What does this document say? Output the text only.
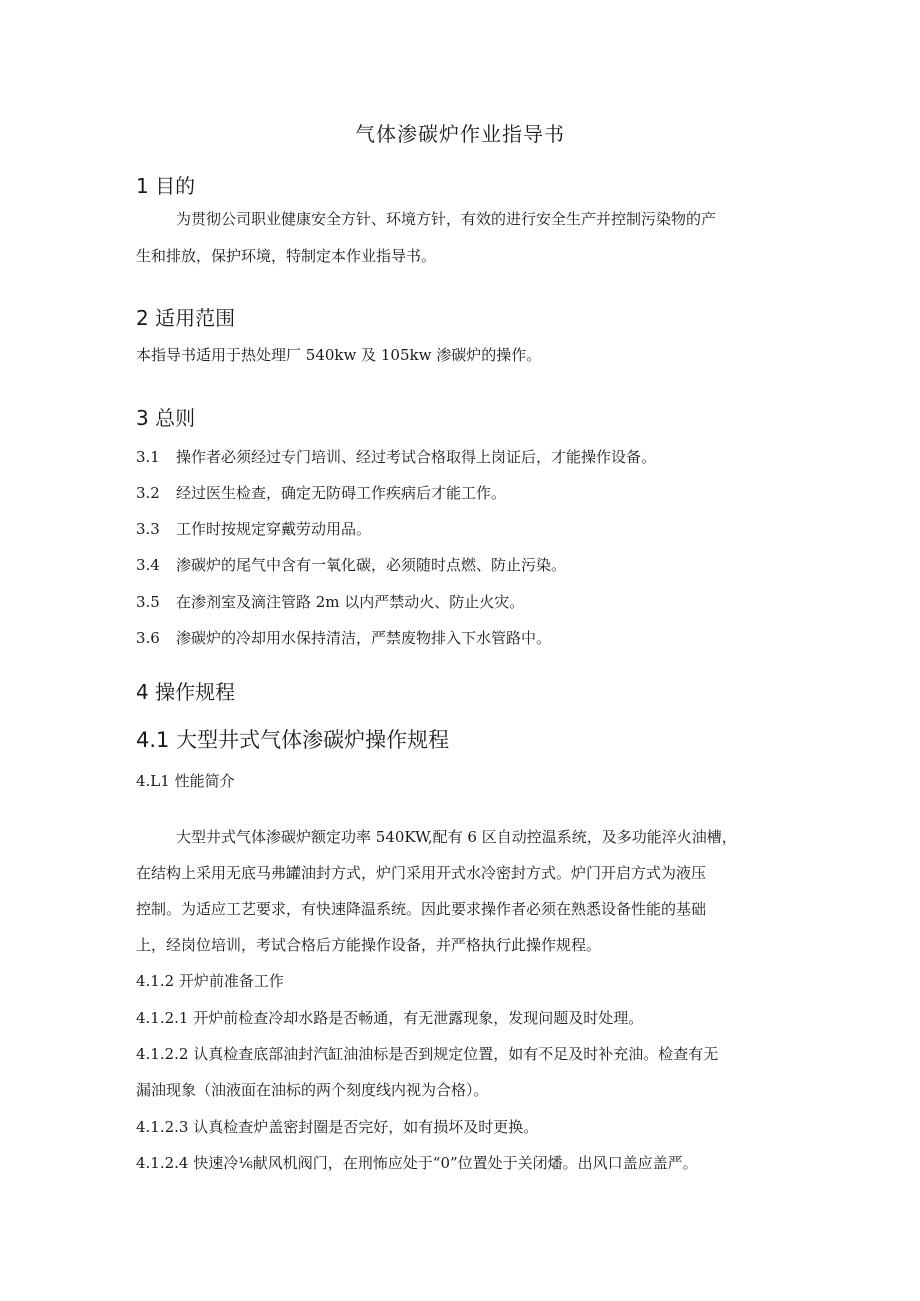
气体渗碳炉作业指导书
1 目的
为贯彻公司职业健康安全方针、环境方针，有效的进行安全生产并控制污染物的产
生和排放，保护环境，特制定本作业指导书。
2 适用范围
本指导书适用于热处理厂 540kw 及 105kw 渗碳炉的操作。
3 总则
3.1 操作者必须经过专门培训、经过考试合格取得上岗证后，才能操作设备。
3.2 经过医生检查，确定无防碍工作疾病后才能工作。
3.3 工作时按规定穿戴劳动用品。
3.4 渗碳炉的尾气中含有一氧化碳，必须随时点燃、防止污染。
3.5 在渗剂室及滴注管路 2m 以内严禁动火、防止火灾。
3.6 渗碳炉的冷却用水保持清洁，严禁废物排入下水管路中。
4 操作规程
4.1 大型井式气体渗碳炉操作规程
4.L1 性能简介
大型井式气体渗碳炉额定功率 540KW,配有 6 区自动控温系统，及多功能淬火油槽，
在结构上采用无底马弗罐油封方式，炉门采用开式水冷密封方式。炉门开启方式为液压
控制。为适应工艺要求，有快速降温系统。因此要求操作者必须在熟悉设备性能的基础
上，经岗位培训，考试合格后方能操作设备，并严格执行此操作规程。
4.1.2 开炉前准备工作
4.1.2.1 开炉前检查冷却水路是否畅通，有无泄露现象，发现问题及时处理。
4.1.2.2 认真检查底部油封汽缸油油标是否到规定位置，如有不足及时补充油。检查有无
漏油现象（油液面在油标的两个刻度线内视为合格）。
4.1.2.3 认真检查炉盖密封圈是否完好，如有损坏及时更换。
4.1.2.4 快速冷⅙献风机阀门，在刑怖应处于“0”位置处于关闭燔。出风口盖应盖严。
